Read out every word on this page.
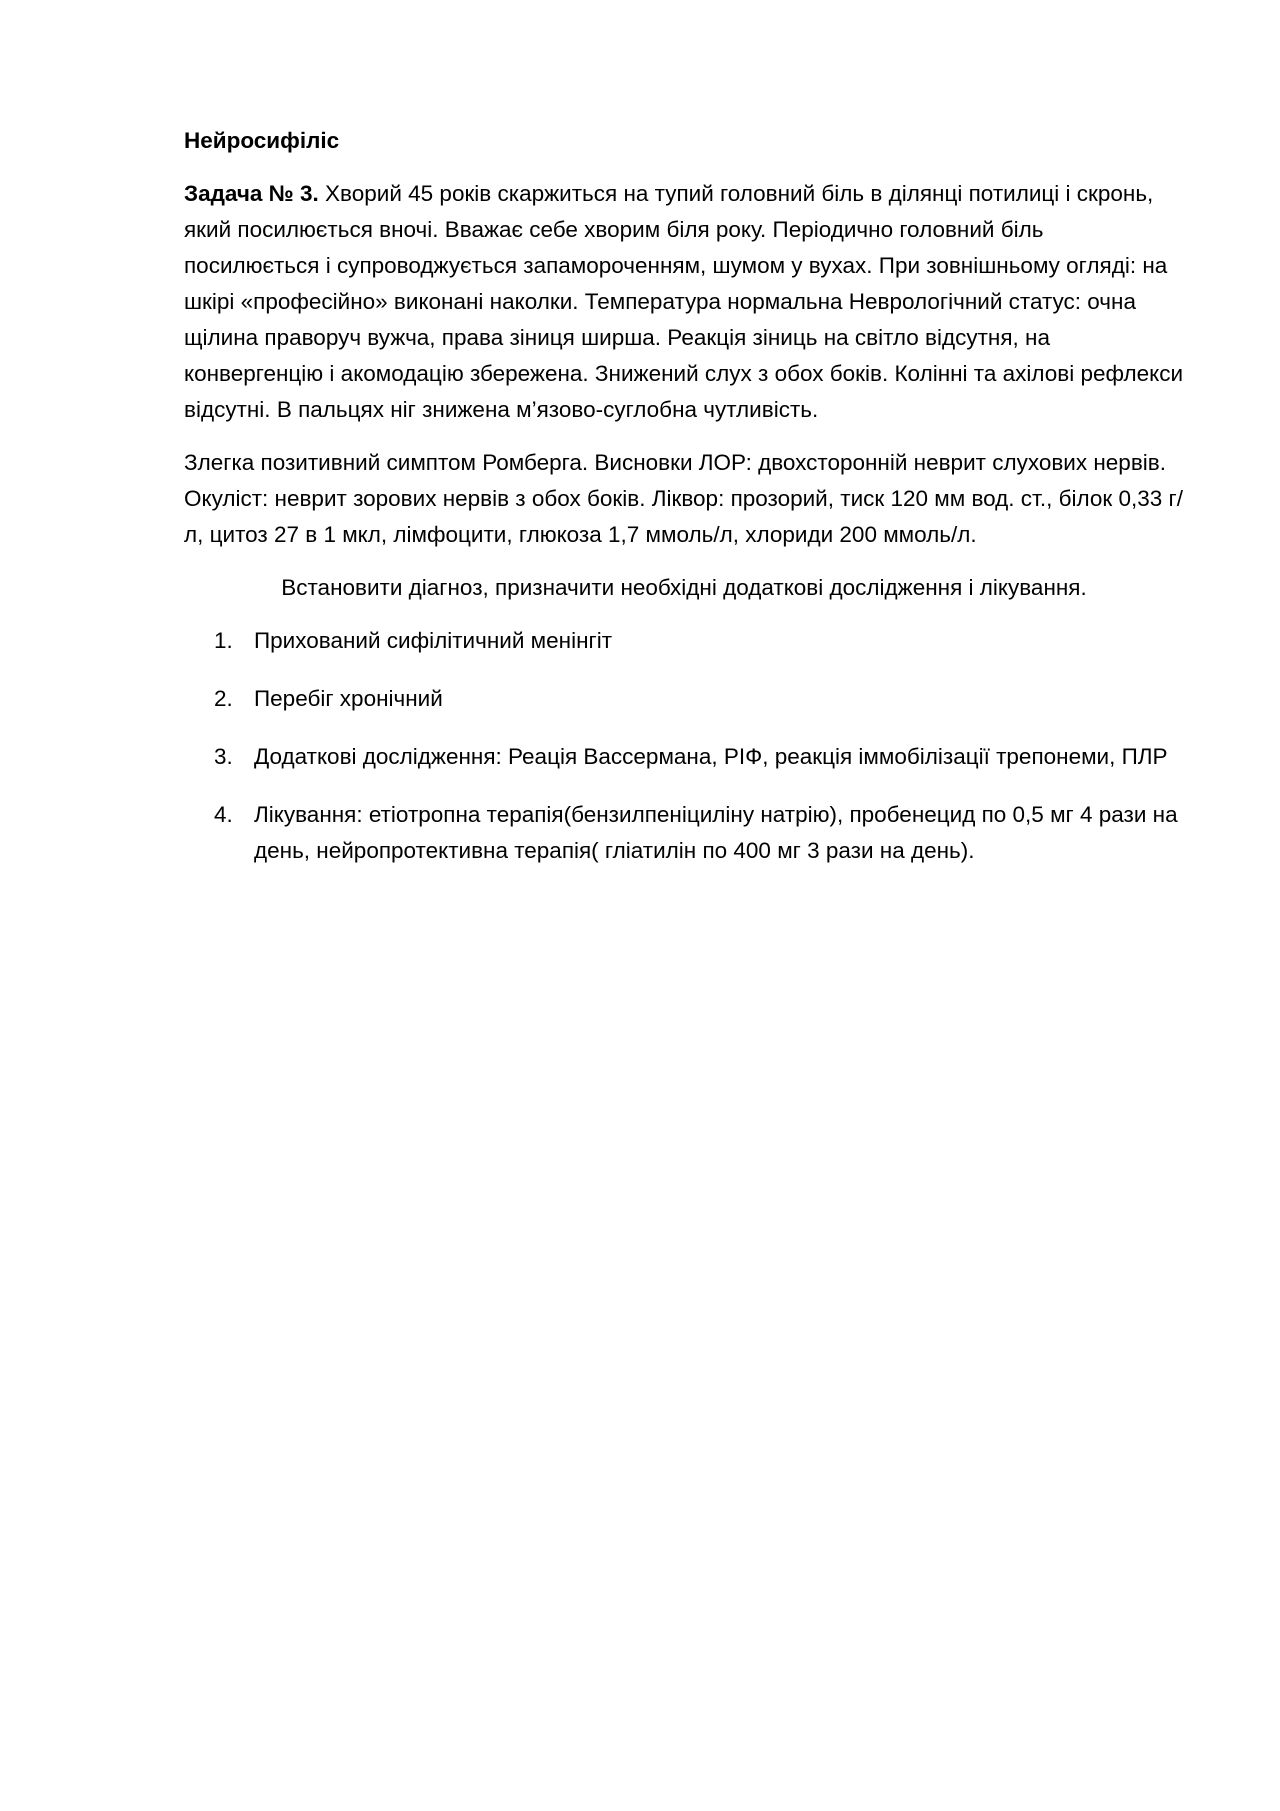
Нейросифіліс

Задача № 3. Хворий 45 років скаржиться на тупий головний біль в ділянці потилиці і скронь, який посилюється вночі. Вважає себе хворим біля року. Періодично головний біль посилюється і супроводжується запамороченням, шумом у вухах. При зовнішньому огляді: на шкірі «професійно» виконані наколки. Температура нормальна Неврологічний статус: очна щілина праворуч вужча, права зіниця ширша. Реакція зіниць на світло відсутня, на конвергенцію і акомодацію збережена. Знижений слух з обох боків. Колінні та ахілові рефлекси відсутні. В пальцях ніг знижена м’язово-суглобна чутливість.

Злегка позитивний симптом Ромберга. Висновки ЛОР: двохсторонній неврит слухових нервів. Окуліст: неврит зорових нервів з обох боків. Ліквор: прозорий, тиск 120 мм вод. ст., білок 0,33 г/л, цитоз 27 в 1 мкл, лімфоцити, глюкоза 1,7 ммоль/л, хлориди 200 ммоль/л.

Встановити діагноз, призначити необхідні додаткові дослідження і лікування.

1. Прихований сифілітичний менінгіт
2. Перебіг хронічний
3. Додаткові дослідження: Реація Вассермана, РІФ, реакція іммобілізації трепонеми, ПЛР
4. Лікування: етіотропна терапія(бензилпеніциліну натрію), пробенецид по 0,5 мг 4 рази на день, нейропротективна терапія( гліатилін по 400 мг 3 рази на день).
